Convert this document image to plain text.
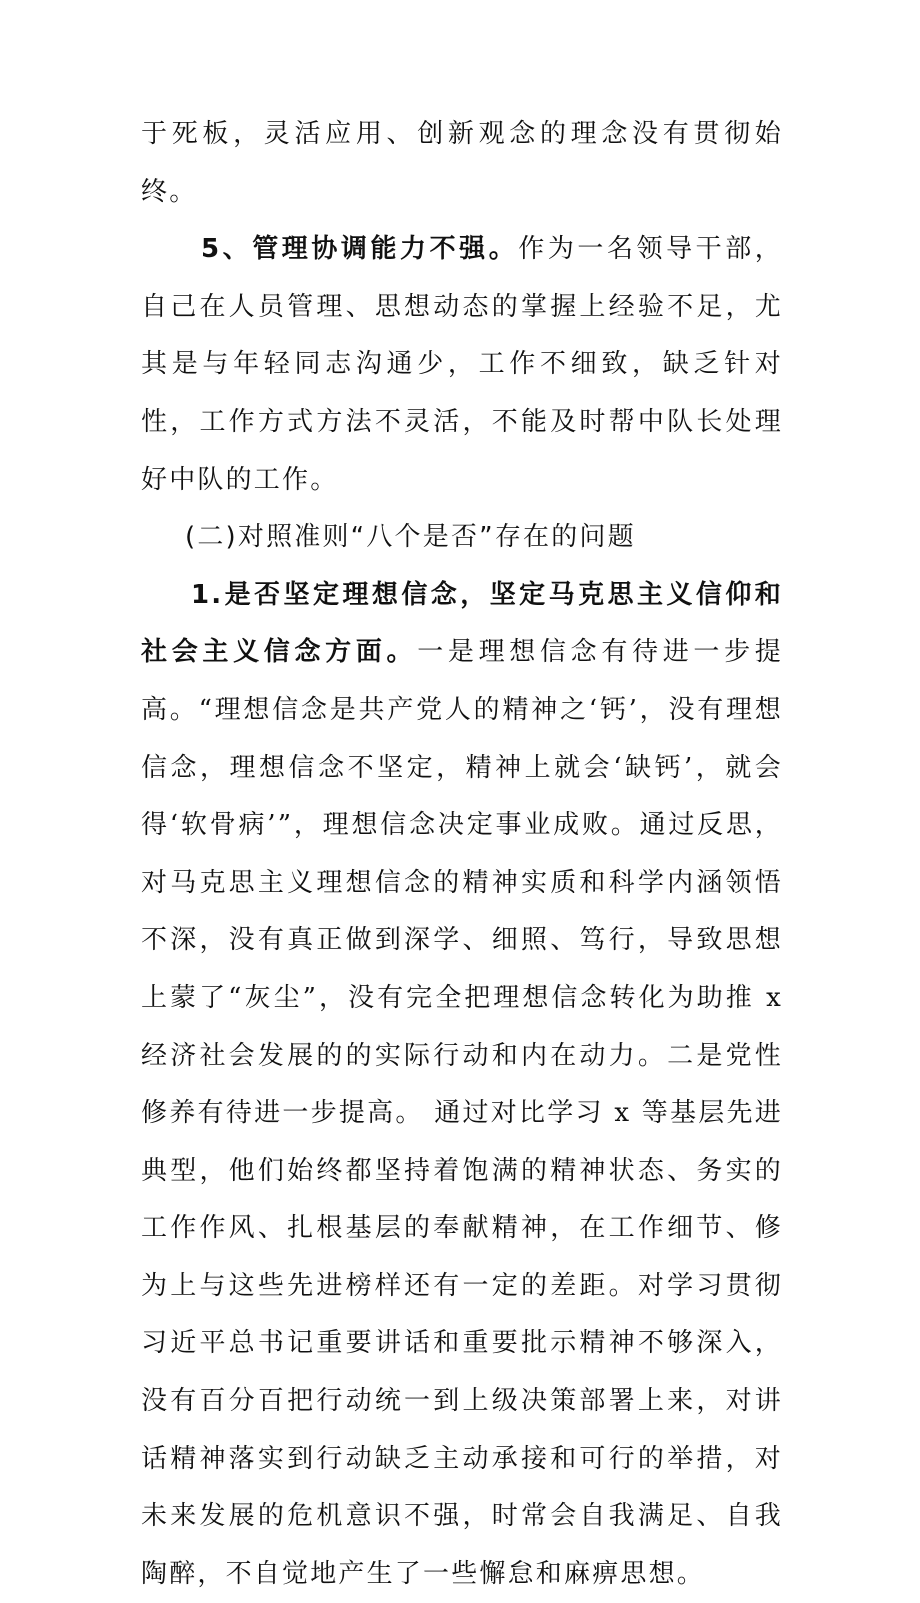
于死板，灵活应用、创新观念的理念没有贯彻始终。

5、管理协调能力不强。作为一名领导干部，自己在人员管理、思想动态的掌握上经验不足，尤其是与年轻同志沟通少，工作不细致，缺乏针对性，工作方式方法不灵活，不能及时帮中队长处理好中队的工作。

(二)对照准则“八个是否”存在的问题

1.是否坚定理想信念，坚定马克思主义信仰和社会主义信念方面。一是理想信念有待进一步提高。“理想信念是共产党人的精神之‘钙’，没有理想信念，理想信念不坚定，精神上就会‘缺钙’，就会得‘软骨病’”，理想信念决定事业成败。通过反思，对马克思主义理想信念的精神实质和科学内涵领悟不深，没有真正做到深学、细照、笃行，导致思想上蒙了“灰尘”，没有完全把理想信念转化为助推 x 经济社会发展的的实际行动和内在动力。二是党性修养有待进一步提高。 通过对比学习 x 等基层先进典型，他们始终都坚持着饱满的精神状态、务实的工作作风、扎根基层的奉献精神，在工作细节、修为上与这些先进榜样还有一定的差距。对学习贯彻习近平总书记重要讲话和重要批示精神不够深入，没有百分百把行动统一到上级决策部署上来，对讲话精神落实到行动缺乏主动承接和可行的举措，对未来发展的危机意识不强，时常会自我满足、自我陶醉，不自觉地产生了一些懈怠和麻痹思想。
